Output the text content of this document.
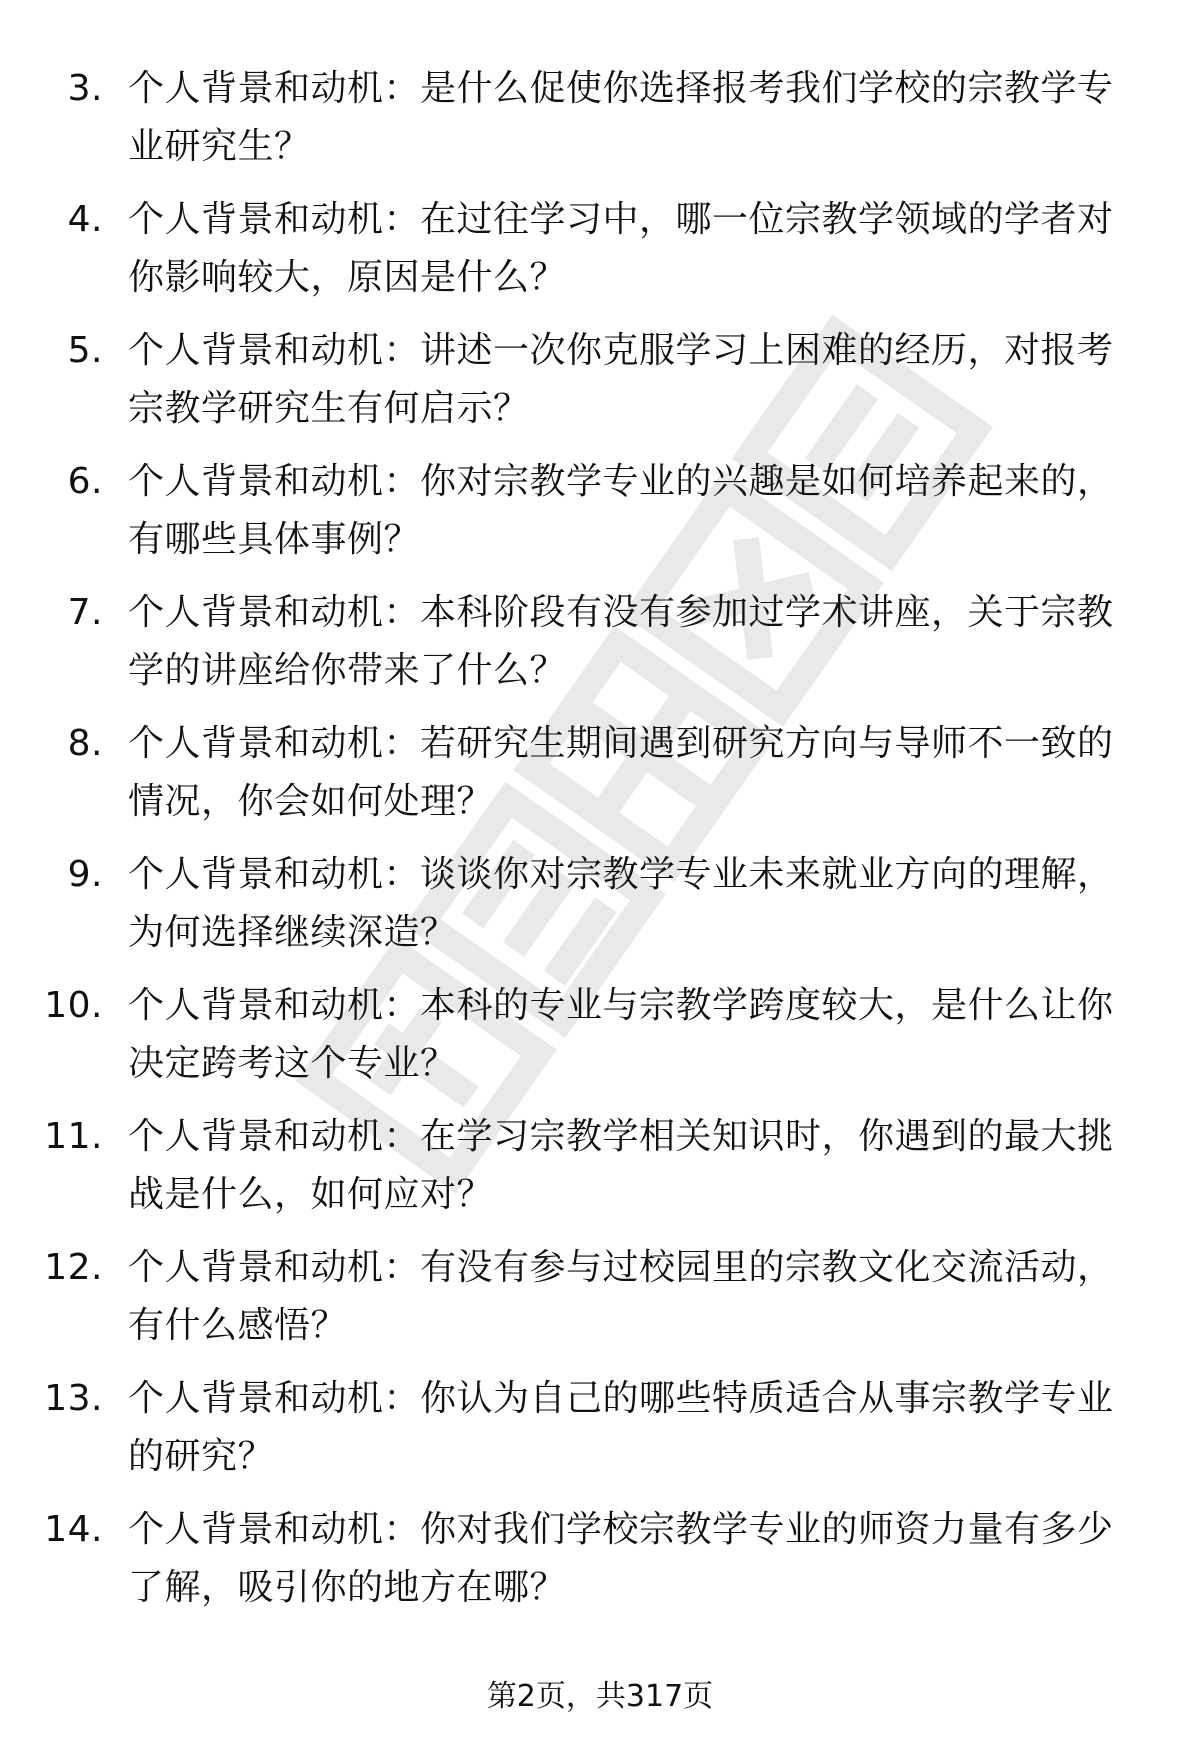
3. 个人背景和动机：是什么促使你选择报考我们学校的宗教学专业研究生？
4. 个人背景和动机：在过往学习中，哪一位宗教学领域的学者对你影响较大，原因是什么？
5. 个人背景和动机：讲述一次你克服学习上困难的经历，对报考宗教学研究生有何启示？
6. 个人背景和动机：你对宗教学专业的兴趣是如何培养起来的，有哪些具体事例？
7. 个人背景和动机：本科阶段有没有参加过学术讲座，关于宗教学的讲座给你带来了什么？
8. 个人背景和动机：若研究生期间遇到研究方向与导师不一致的情况，你会如何处理？
9. 个人背景和动机：谈谈你对宗教学专业未来就业方向的理解，为何选择继续深造？
10. 个人背景和动机：本科的专业与宗教学跨度较大，是什么让你决定跨考这个专业？
11. 个人背景和动机：在学习宗教学相关知识时，你遇到的最大挑战是什么，如何应对？
12. 个人背景和动机：有没有参与过校园里的宗教文化交流活动，有什么感悟？
13. 个人背景和动机：你认为自己的哪些特质适合从事宗教学专业的研究？
14. 个人背景和动机：你对我们学校宗教学专业的师资力量有多少了解，吸引你的地方在哪？
第2页，共317页
